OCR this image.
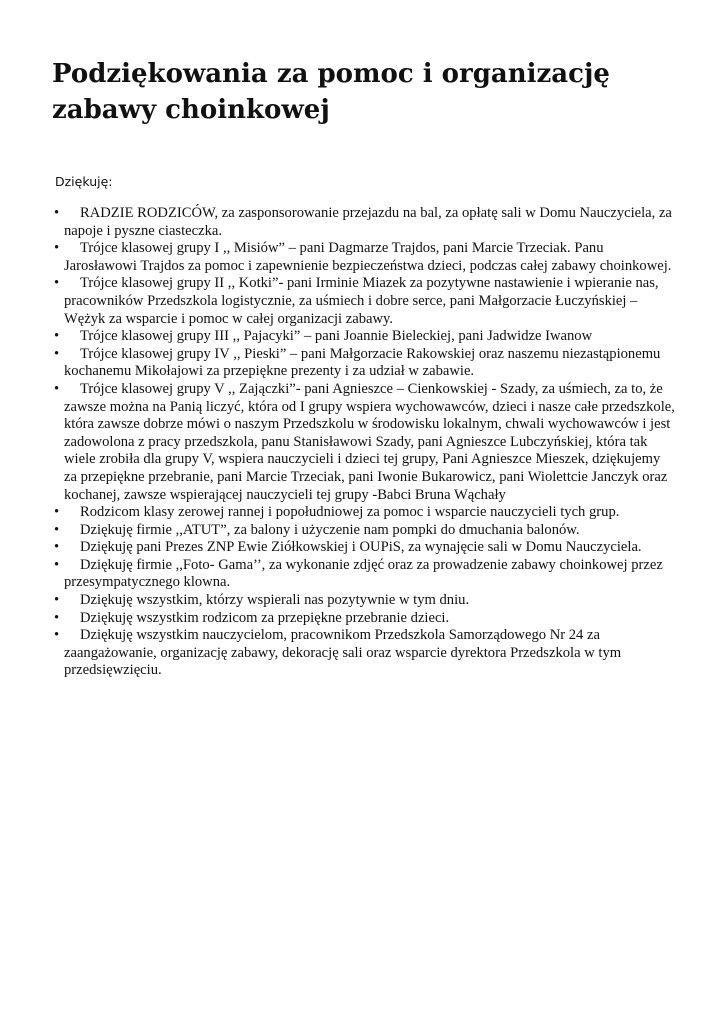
Podziękowania za pomoc i organizację zabawy choinkowej

Dziękuję:

• RADZIE RODZICÓW, za zasponsorowanie przejazdu na bal, za opłatę sali w Domu Nauczyciela, za napoje i pyszne ciasteczka.
• Trójce klasowej grupy I ,, Misiów” – pani Dagmarze Trajdos, pani Marcie Trzeciak. Panu Jarosławowi Trajdos za pomoc i zapewnienie bezpieczeństwa dzieci, podczas całej zabawy choinkowej.
• Trójce klasowej grupy II ,, Kotki”- pani Irminie Miazek za pozytywne nastawienie i wpieranie nas, pracowników Przedszkola logistycznie, za uśmiech i dobre serce, pani Małgorzacie Łuczyńskiej – Wężyk za wsparcie i pomoc w całej organizacji zabawy.
• Trójce klasowej grupy III ,, Pajacyki” – pani Joannie Bieleckiej, pani Jadwidze Iwanow
• Trójce klasowej grupy IV ,, Pieski” – pani Małgorzacie Rakowskiej oraz naszemu niezastąpionemu kochanemu Mikołajowi za przepiękne prezenty i za udział w zabawie.
• Trójce klasowej grupy V ,, Zajączki”- pani Agnieszce – Cienkowskiej - Szady, za uśmiech, za to, że zawsze można na Panią liczyć, która od I grupy wspiera wychowawców, dzieci i nasze całe przedszkole, która zawsze dobrze mówi o naszym Przedszkolu w środowisku lokalnym, chwali wychowawców i jest zadowolona z pracy przedszkola, panu Stanisławowi Szady, pani Agnieszce Lubczyńskiej, która tak wiele zrobiła dla grupy V, wspiera nauczycieli i dzieci tej grupy, Pani Agnieszce Mieszek, dziękujemy za przepiękne przebranie, pani Marcie Trzeciak, pani Iwonie Bukarowicz, pani Wiolettcie Janczyk oraz kochanej, zawsze wspierającej nauczycieli tej grupy -Babci Bruna Wąchały
• Rodzicom klasy zerowej rannej i popołudniowej za pomoc i wsparcie nauczycieli tych grup.
• Dziękuję firmie ,,ATUT”, za balony i użyczenie nam pompki do dmuchania balonów.
• Dziękuję pani Prezes ZNP Ewie Ziółkowskiej i OUPiS, za wynajęcie sali w Domu Nauczyciela.
• Dziękuję firmie ,,Foto- Gama’’, za wykonanie zdjęć oraz za prowadzenie zabawy choinkowej przez przesympatycznego klowna.
• Dziękuję wszystkim, którzy wspierali nas pozytywnie w tym dniu.
• Dziękuję wszystkim rodzicom za przepiękne przebranie dzieci.
• Dziękuję wszystkim nauczycielom, pracownikom Przedszkola Samorządowego Nr 24 za zaangażowanie, organizację zabawy, dekorację sali oraz wsparcie dyrektora Przedszkola w tym przedsięwzięciu.
